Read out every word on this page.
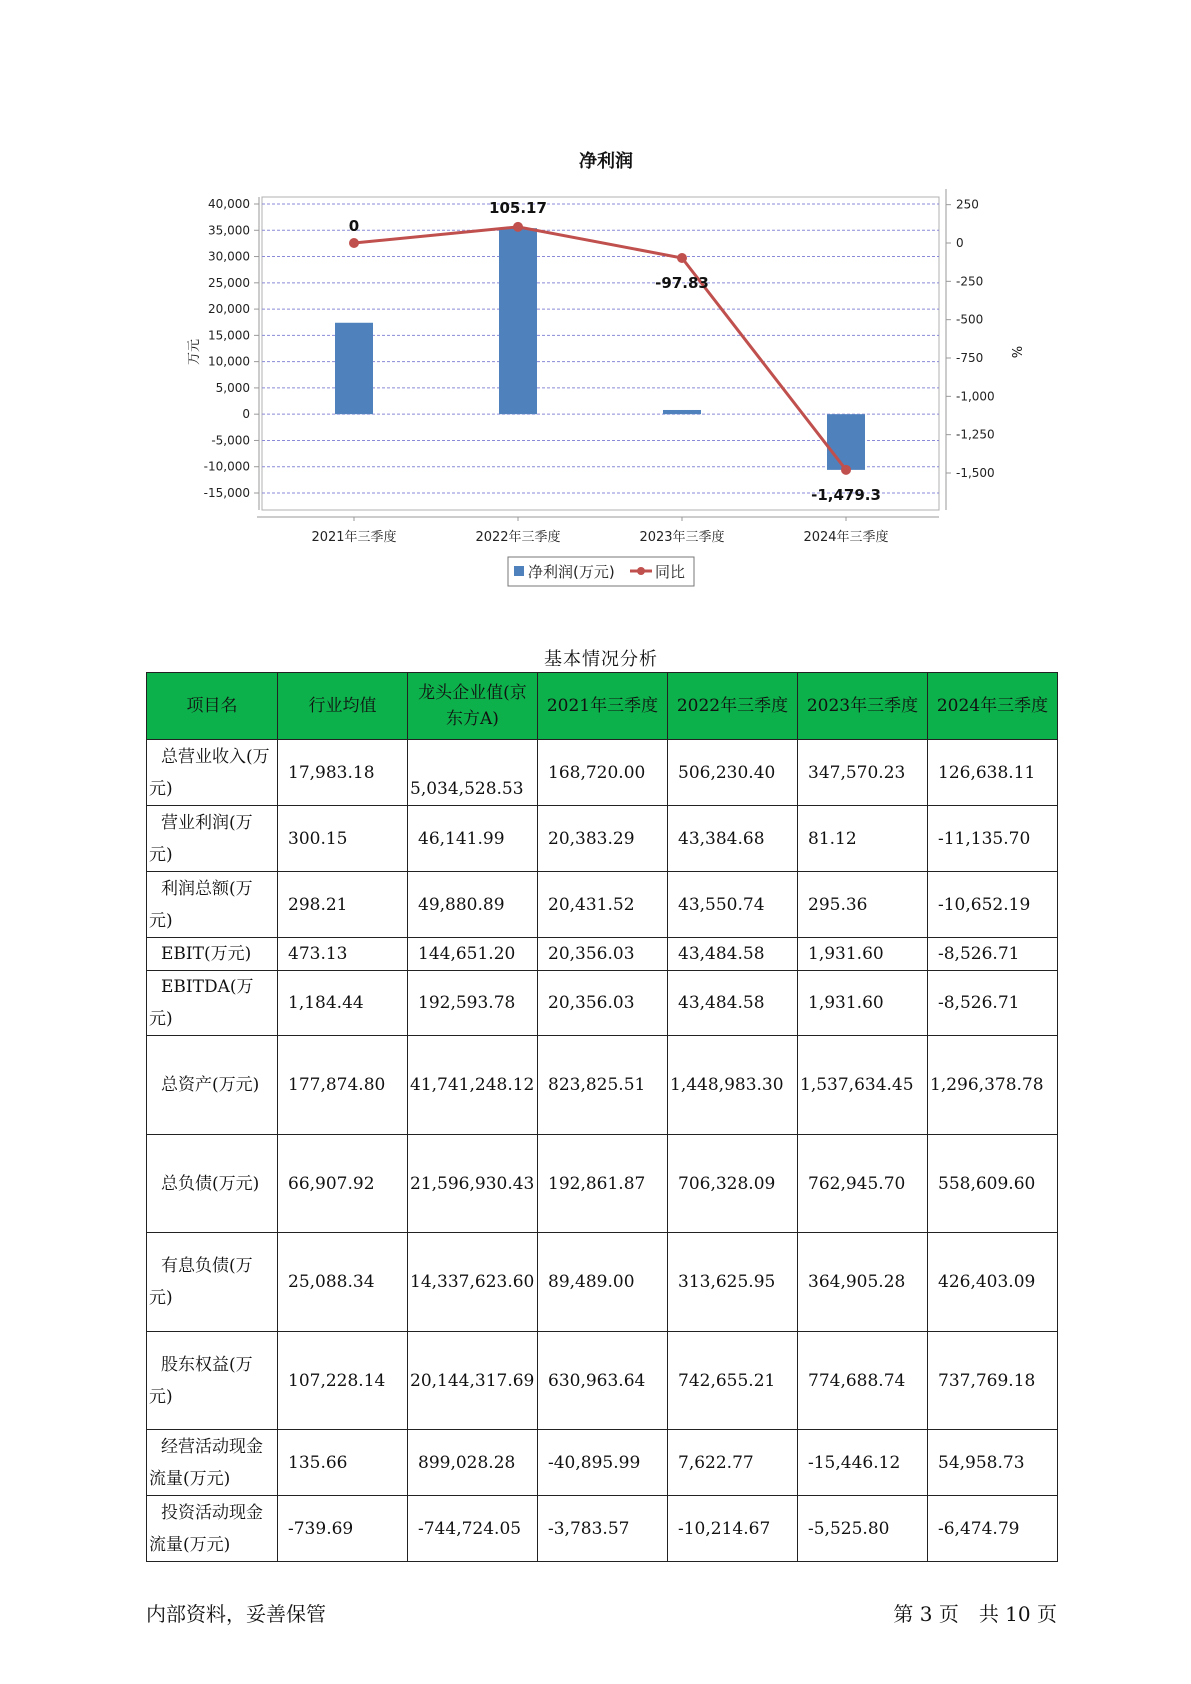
净利润
40,000
35,000
30,000
25,000
20,000
15,000
10,000
5,000
0
-5,000
-10,000
-15,000
250
0
-250
-500
-750
-1,000
-1,250
-1,500
0
105.17
-97.83
-1,479.3
2021年三季度	2022年三季度	2023年三季度	2024年三季度
万元	%
净利润(万元)	同比
基本情况分析
项目名	行业均值	龙头企业值(京东方A)	2021年三季度	2022年三季度	2023年三季度	2024年三季度
总营业收入(万元)	17,983.18	5,034,528.53	168,720.00	506,230.40	347,570.23	126,638.11
营业利润(万元)	300.15	46,141.99	20,383.29	43,384.68	81.12	-11,135.70
利润总额(万元)	298.21	49,880.89	20,431.52	43,550.74	295.36	-10,652.19
EBIT(万元)	473.13	144,651.20	20,356.03	43,484.58	1,931.60	-8,526.71
EBITDA(万元)	1,184.44	192,593.78	20,356.03	43,484.58	1,931.60	-8,526.71
总资产(万元)	177,874.80	41,741,248.12	823,825.51	1,448,983.30	1,537,634.45	1,296,378.78
总负债(万元)	66,907.92	21,596,930.43	192,861.87	706,328.09	762,945.70	558,609.60
有息负债(万元)	25,088.34	14,337,623.60	89,489.00	313,625.95	364,905.28	426,403.09
股东权益(万元)	107,228.14	20,144,317.69	630,963.64	742,655.21	774,688.74	737,769.18
经营活动现金流量(万元)	135.66	899,028.28	-40,895.99	7,622.77	-15,446.12	54,958.73
投资活动现金流量(万元)	-739.69	-744,724.05	-3,783.57	-10,214.67	-5,525.80	-6,474.79
内部资料，妥善保管	第 3 页　共 10 页
